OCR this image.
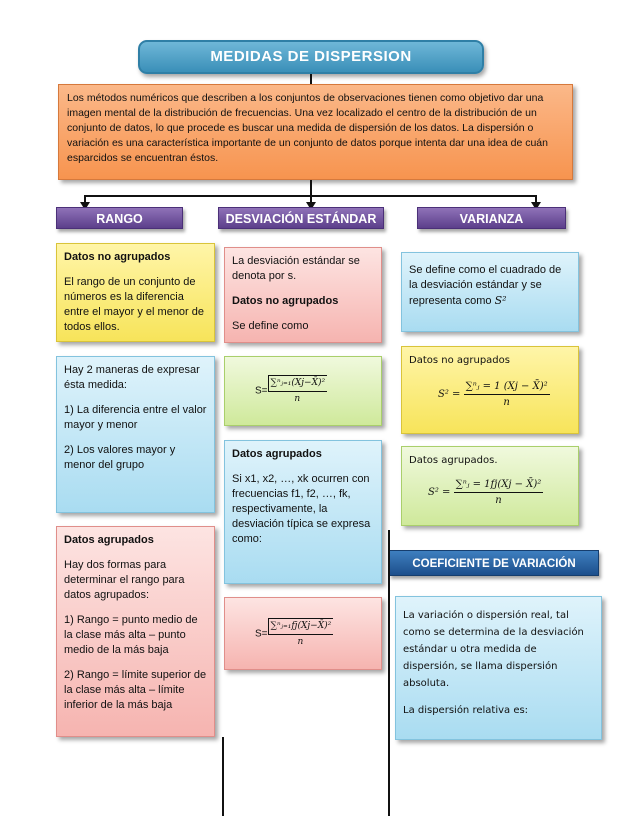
MEDIDAS DE DISPERSION
Los métodos numéricos que describen a los conjuntos de observaciones tienen como objetivo dar una imagen mental de la distribución de frecuencias. Una vez localizado el centro de la distribución de un conjunto de datos, lo que procede es buscar una medida de dispersión de los datos. La dispersión o variación es una característica importante de un conjunto de datos porque intenta dar una idea de cuán esparcidos se encuentran éstos.
RANGO	DESVIACIÓN ESTÁNDAR	VARIANZA

Datos no agrupados

El rango de un conjunto de números es la diferencia entre el mayor y el menor de todos ellos.

Hay 2 maneras de expresar ésta medida:

1) La diferencia entre el valor mayor y menor

2) Los valores mayor y menor del grupo

Datos agrupados

Hay dos formas para determinar el rango para datos agrupados:

1) Rango = punto medio de la clase más alta – punto medio de la más baja

2) Rango = límite superior de la clase más alta – límite inferior de la más baja

La desviación estándar se denota por s.

Datos no agrupados

Se define como

$S= \frac{\text{∑ⁿⱼ₌₁(Xj−X̄)²}}{n}$

Datos agrupados

Si x1, x2, …, xk ocurren con frecuencias f1, f2, …, fk, respectivamente, la desviación típica se expresa como:

$S= \frac{\text{∑ⁿⱼ₌₁fj(Xj−X̄)²}}{n}$
Se define como el cuadrado de la desviación estándar y se representa como S²
Datos no agrupados
$S^2 = \frac{\text{∑ⁿⱼ = 1 (Xj − X̄)²}}{n}$
Datos agrupados.
$S^2 = \frac{\text{∑ⁿⱼ = 1fj(Xj − X̄)²}}{n}$
COEFICIENTE DE VARIACIÓN

La variación o dispersión real, tal como se determina de la desviación estándar u otra medida de dispersión, se llama dispersión absoluta.

La dispersión relativa es:
